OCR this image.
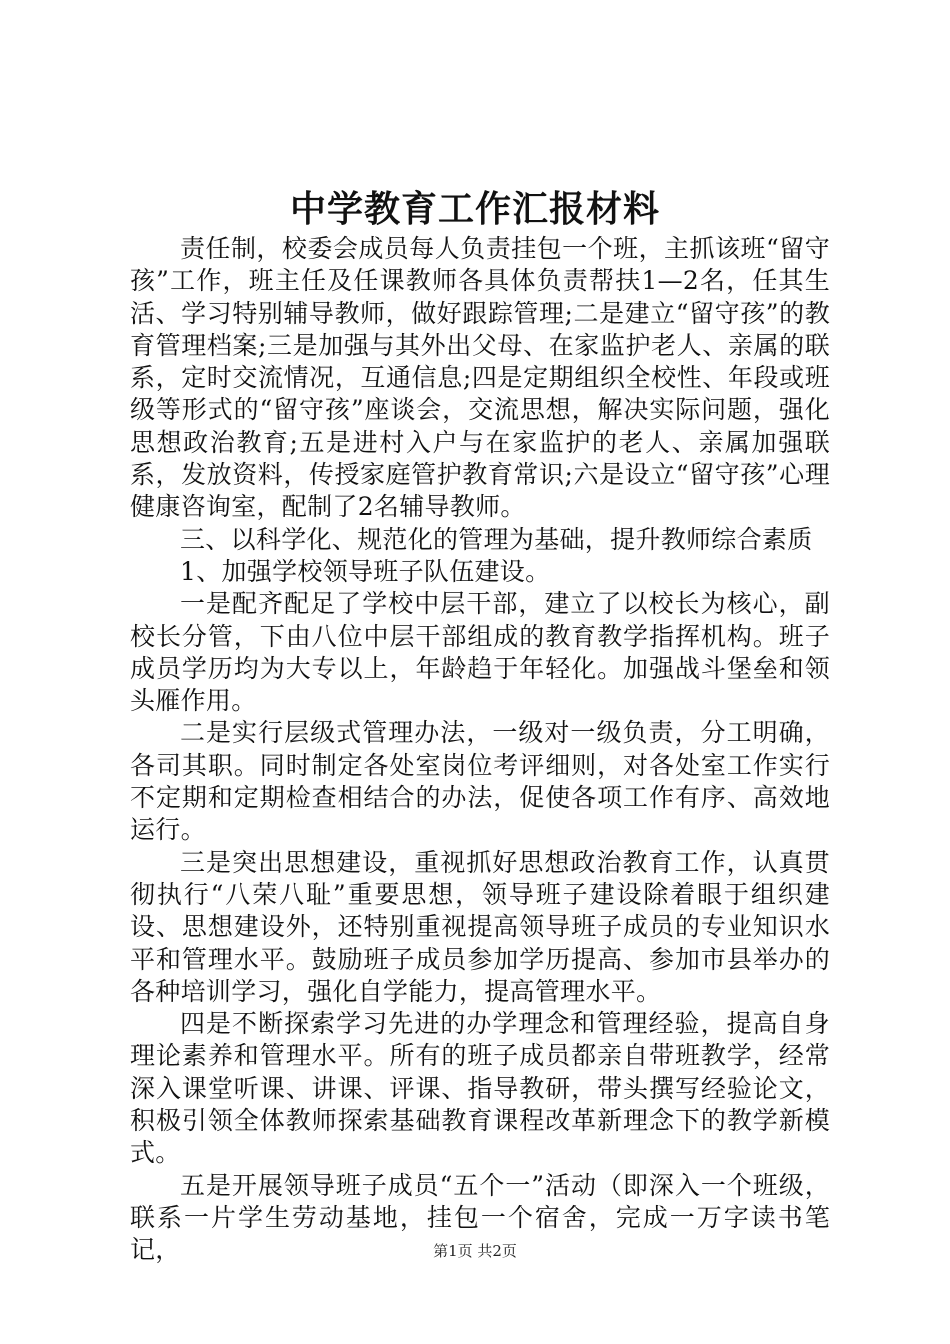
中学教育工作汇报材料

责任制，校委会成员每人负责挂包一个班，主抓该班“留守孩”工作，班主任及任课教师各具体负责帮扶1—2名，任其生活、学习特别辅导教师，做好跟踪管理;二是建立“留守孩”的教育管理档案;三是加强与其外出父母、在家监护老人、亲属的联系，定时交流情况，互通信息;四是定期组织全校性、年段或班级等形式的“留守孩”座谈会，交流思想，解决实际问题，强化思想政治教育;五是进村入户与在家监护的老人、亲属加强联系，发放资料，传授家庭管护教育常识;六是设立“留守孩”心理健康咨询室，配制了2名辅导教师。

三、以科学化、规范化的管理为基础，提升教师综合素质

1、加强学校领导班子队伍建设。

一是配齐配足了学校中层干部，建立了以校长为核心，副校长分管，下由八位中层干部组成的教育教学指挥机构。班子成员学历均为大专以上，年龄趋于年轻化。加强战斗堡垒和领头雁作用。

二是实行层级式管理办法，一级对一级负责，分工明确，各司其职。同时制定各处室岗位考评细则，对各处室工作实行不定期和定期检查相结合的办法，促使各项工作有序、高效地运行。

三是突出思想建设，重视抓好思想政治教育工作，认真贯彻执行“八荣八耻”重要思想，领导班子建设除着眼于组织建设、思想建设外，还特别重视提高领导班子成员的专业知识水平和管理水平。鼓励班子成员参加学历提高、参加市县举办的各种培训学习，强化自学能力，提高管理水平。

四是不断探索学习先进的办学理念和管理经验，提高自身理论素养和管理水平。所有的班子成员都亲自带班教学，经常深入课堂听课、讲课、评课、指导教研，带头撰写经验论文，积极引领全体教师探索基础教育课程改革新理念下的教学新模式。

五是开展领导班子成员“五个一”活动（即深入一个班级，联系一片学生劳动基地，挂包一个宿舍，完成一万字读书笔记，	第1页 共2页
